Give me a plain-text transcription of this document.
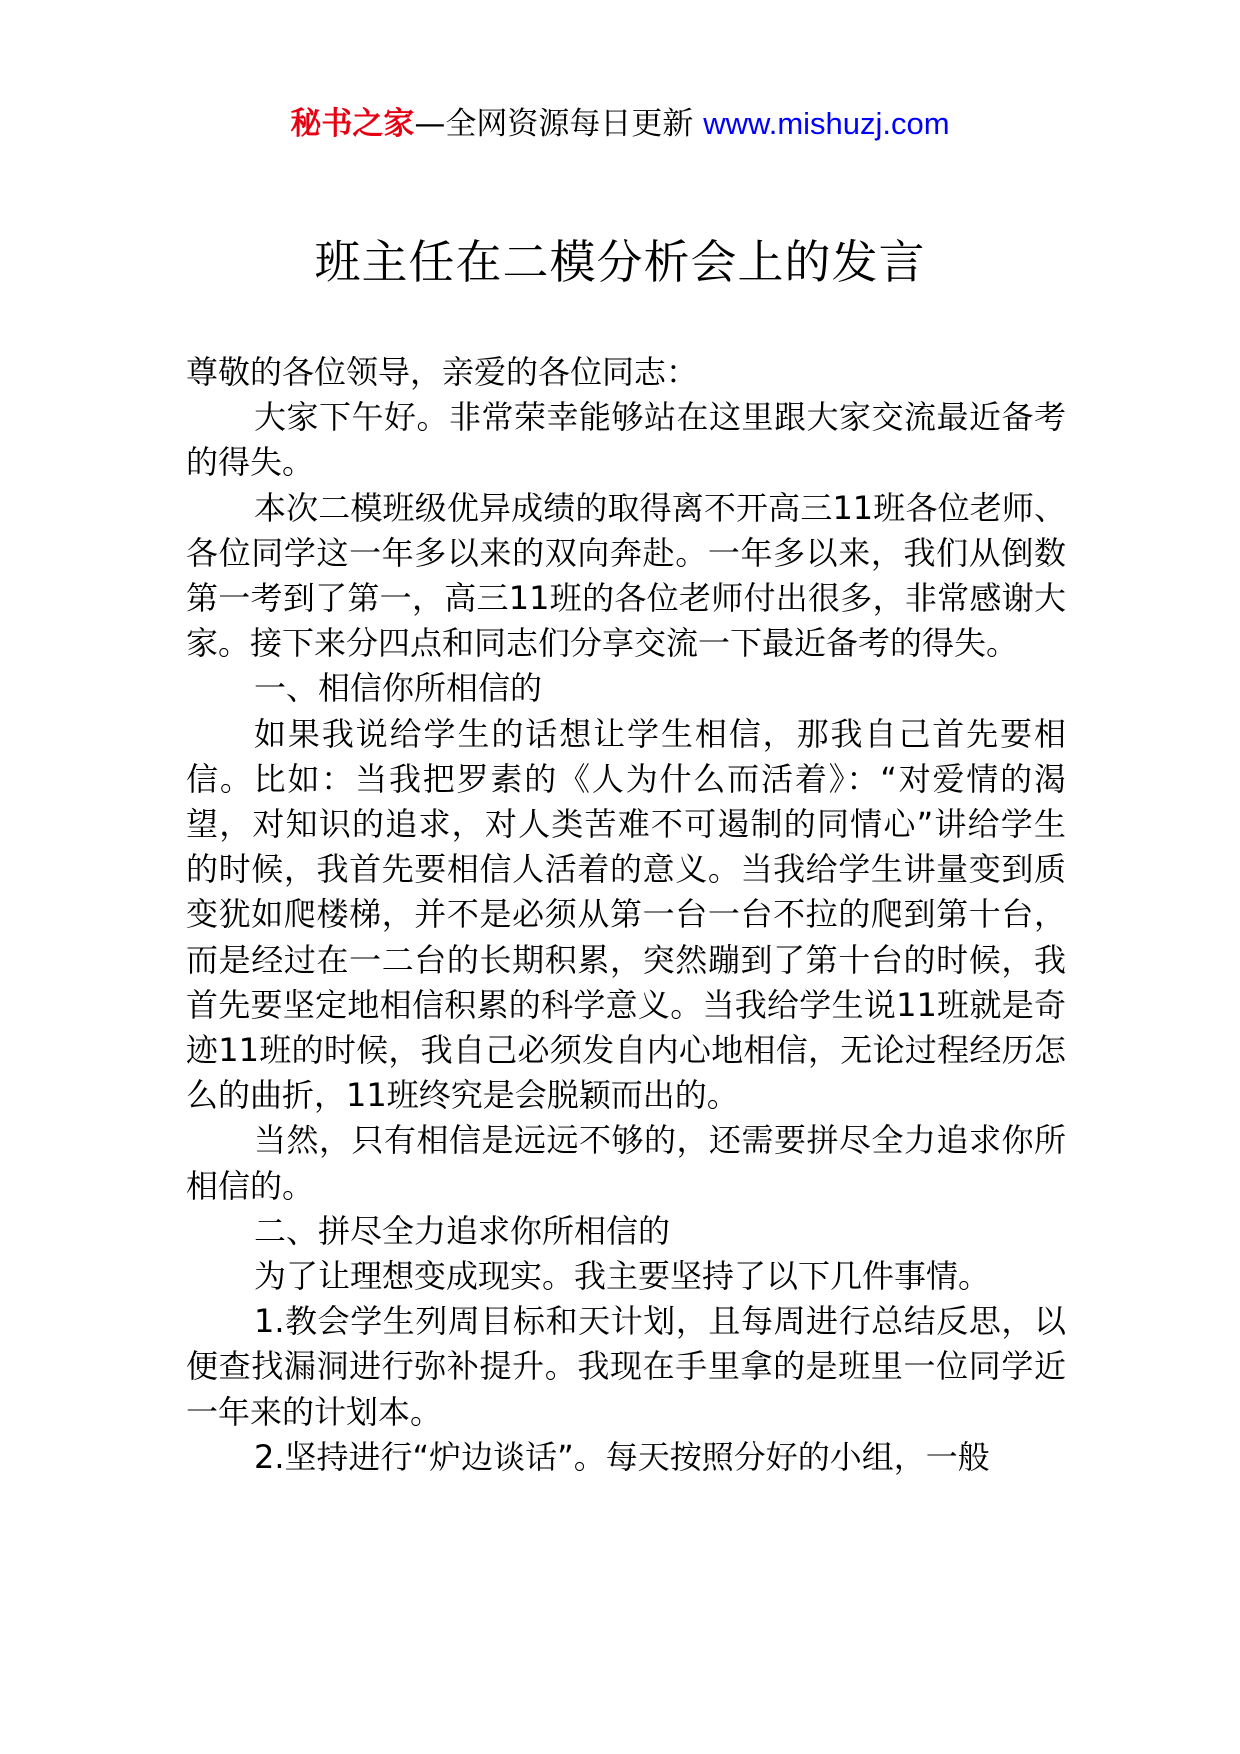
秘书之家—全网资源每日更新 www.mishuzj.com
班主任在二模分析会上的发言

尊敬的各位领导，亲爱的各位同志：

大家下午好。非常荣幸能够站在这里跟大家交流最近备考的得失。

本次二模班级优异成绩的取得离不开高三11班各位老师、各位同学这一年多以来的双向奔赴。一年多以来，我们从倒数第一考到了第一，高三11班的各位老师付出很多，非常感谢大家。接下来分四点和同志们分享交流一下最近备考的得失。

一、相信你所相信的

如果我说给学生的话想让学生相信，那我自己首先要相信。比如：当我把罗素的《人为什么而活着》：“对爱情的渴望，对知识的追求，对人类苦难不可遏制的同情心”讲给学生的时候，我首先要相信人活着的意义。当我给学生讲量变到质变犹如爬楼梯，并不是必须从第一台一台不拉的爬到第十台，而是经过在一二台的长期积累，突然蹦到了第十台的时候，我首先要坚定地相信积累的科学意义。当我给学生说11班就是奇迹11班的时候，我自己必须发自内心地相信，无论过程经历怎么的曲折，11班终究是会脱颖而出的。

当然，只有相信是远远不够的，还需要拼尽全力追求你所相信的。

二、拼尽全力追求你所相信的

为了让理想变成现实。我主要坚持了以下几件事情。

1.教会学生列周目标和天计划，且每周进行总结反思，以便查找漏洞进行弥补提升。我现在手里拿的是班里一位同学近一年来的计划本。

2.坚持进行“炉边谈话”。每天按照分好的小组，一般
